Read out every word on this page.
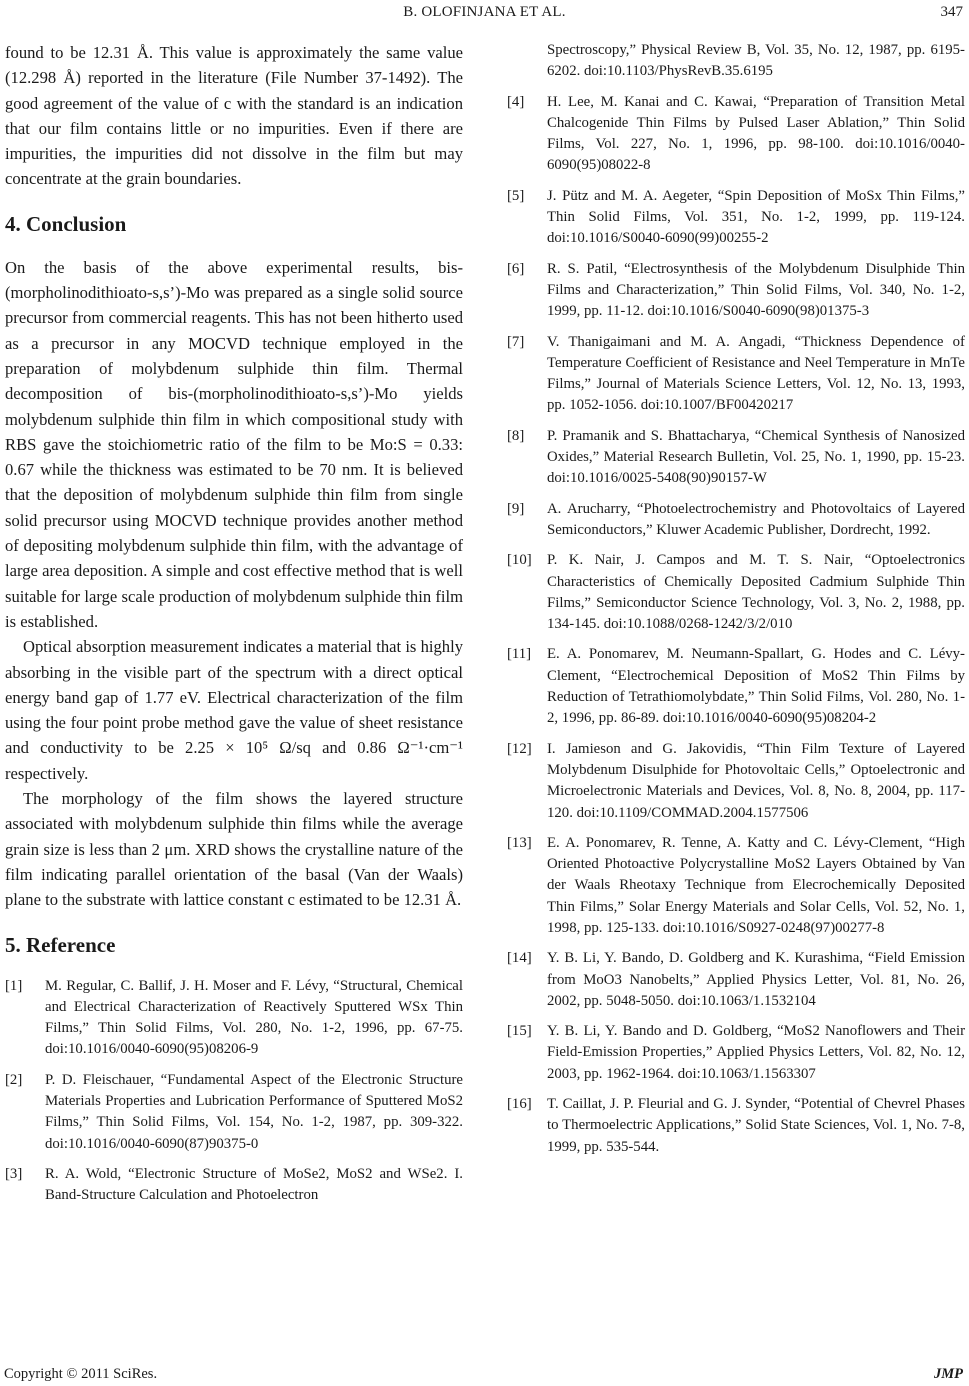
B. OLOFINJANA ET AL.	347

found to be 12.31 Å. This value is approximately the same value (12.298 Å) reported in the literature (File Number 37-1492). The good agreement of the value of c with the standard is an indication that our film contains little or no impurities. Even if there are impurities, the impurities did not dissolve in the film but may concentrate at the grain boundaries.

4. Conclusion

On the basis of the above experimental results, bis-(morpholinodithioato-s,s’)-Mo was prepared as a single solid source precursor from commercial reagents. This has not been hitherto used as a precursor in any MOCVD technique employed in the preparation of molybdenum sulphide thin film. Thermal decomposition of bis-(morpholinodithioato-s,s’)-Mo yields molybdenum sulphide thin film in which compositional study with RBS gave the stoichiometric ratio of the film to be Mo:S = 0.33: 0.67 while the thickness was estimated to be 70 nm. It is believed that the deposition of molybdenum sulphide thin film from single solid precursor using MOCVD technique provides another method of depositing molybdenum sulphide thin film, with the advantage of large area deposition. A simple and cost effective method that is well suitable for large scale production of molybdenum sulphide thin film is established.

Optical absorption measurement indicates a material that is highly absorbing in the visible part of the spectrum with a direct optical energy band gap of 1.77 eV. Electrical characterization of the film using the four point probe method gave the value of sheet resistance and conductivity to be 2.25 × 10⁵ Ω/sq and 0.86 Ω⁻¹·cm⁻¹ respectively.

The morphology of the film shows the layered structure associated with molybdenum sulphide thin films while the average grain size is less than 2 μm. XRD shows the crystalline nature of the film indicating parallel orientation of the basal (Van der Waals) plane to the substrate with lattice constant c estimated to be 12.31 Å.

5. Reference
[1]	M. Regular, C. Ballif, J. H. Moser and F. Lévy, “Structural, Chemical and Electrical Characterization of Reactively Sputtered WSx Thin Films,” Thin Solid Films, Vol. 280, No. 1-2, 1996, pp. 67-75. doi:10.1016/0040-6090(95)08206-9
[2]	P. D. Fleischauer, “Fundamental Aspect of the Electronic Structure Materials Properties and Lubrication Performance of Sputtered MoS2 Films,” Thin Solid Films, Vol. 154, No. 1-2, 1987, pp. 309-322. doi:10.1016/0040-6090(87)90375-0
[3]	R. A. Wold, “Electronic Structure of MoSe2, MoS2 and WSe2. I. Band-Structure Calculation and Photoelectron
Spectroscopy,” Physical Review B, Vol. 35, No. 12, 1987, pp. 6195-6202. doi:10.1103/PhysRevB.35.6195
[4]	H. Lee, M. Kanai and C. Kawai, “Preparation of Transition Metal Chalcogenide Thin Films by Pulsed Laser Ablation,” Thin Solid Films, Vol. 227, No. 1, 1996, pp. 98-100. doi:10.1016/0040-6090(95)08022-8
[5]	J. Pütz and M. A. Aegeter, “Spin Deposition of MoSx Thin Films,” Thin Solid Films, Vol. 351, No. 1-2, 1999, pp. 119-124. doi:10.1016/S0040-6090(99)00255-2
[6]	R. S. Patil, “Electrosynthesis of the Molybdenum Disulphide Thin Films and Characterization,” Thin Solid Films, Vol. 340, No. 1-2, 1999, pp. 11-12. doi:10.1016/S0040-6090(98)01375-3
[7]	V. Thanigaimani and M. A. Angadi, “Thickness Dependence of Temperature Coefficient of Resistance and Neel Temperature in MnTe Films,” Journal of Materials Science Letters, Vol. 12, No. 13, 1993, pp. 1052-1056. doi:10.1007/BF00420217
[8]	P. Pramanik and S. Bhattacharya, “Chemical Synthesis of Nanosized Oxides,” Material Research Bulletin, Vol. 25, No. 1, 1990, pp. 15-23. doi:10.1016/0025-5408(90)90157-W
[9]	A. Arucharry, “Photoelectrochemistry and Photovoltaics of Layered Semiconductors,” Kluwer Academic Publisher, Dordrecht, 1992.
[10]	P. K. Nair, J. Campos and M. T. S. Nair, “Optoelectronics Characteristics of Chemically Deposited Cadmium Sulphide Thin Films,” Semiconductor Science Technology, Vol. 3, No. 2, 1988, pp. 134-145. doi:10.1088/0268-1242/3/2/010
[11]	E. A. Ponomarev, M. Neumann-Spallart, G. Hodes and C. Lévy-Clement, “Electrochemical Deposition of MoS2 Thin Films by Reduction of Tetrathiomolybdate,” Thin Solid Films, Vol. 280, No. 1-2, 1996, pp. 86-89. doi:10.1016/0040-6090(95)08204-2
[12]	I. Jamieson and G. Jakovidis, “Thin Film Texture of Layered Molybdenum Disulphide for Photovoltaic Cells,” Optoelectronic and Microelectronic Materials and Devices, Vol. 8, No. 8, 2004, pp. 117-120. doi:10.1109/COMMAD.2004.1577506
[13]	E. A. Ponomarev, R. Tenne, A. Katty and C. Lévy-Clement, “High Oriented Photoactive Polycrystalline MoS2 Layers Obtained by Van der Waals Rheotaxy Technique from Elecrochemically Deposited Thin Films,” Solar Energy Materials and Solar Cells, Vol. 52, No. 1, 1998, pp. 125-133. doi:10.1016/S0927-0248(97)00277-8
[14]	Y. B. Li, Y. Bando, D. Goldberg and K. Kurashima, “Field Emission from MoO3 Nanobelts,” Applied Physics Letter, Vol. 81, No. 26, 2002, pp. 5048-5050. doi:10.1063/1.1532104
[15]	Y. B. Li, Y. Bando and D. Goldberg, “MoS2 Nanoflowers and Their Field-Emission Properties,” Applied Physics Letters, Vol. 82, No. 12, 2003, pp. 1962-1964. doi:10.1063/1.1563307
[16]	T. Caillat, J. P. Fleurial and G. J. Synder, “Potential of Chevrel Phases to Thermoelectric Applications,” Solid State Sciences, Vol. 1, No. 7-8, 1999, pp. 535-544.
Copyright © 2011 SciRes.	JMP
